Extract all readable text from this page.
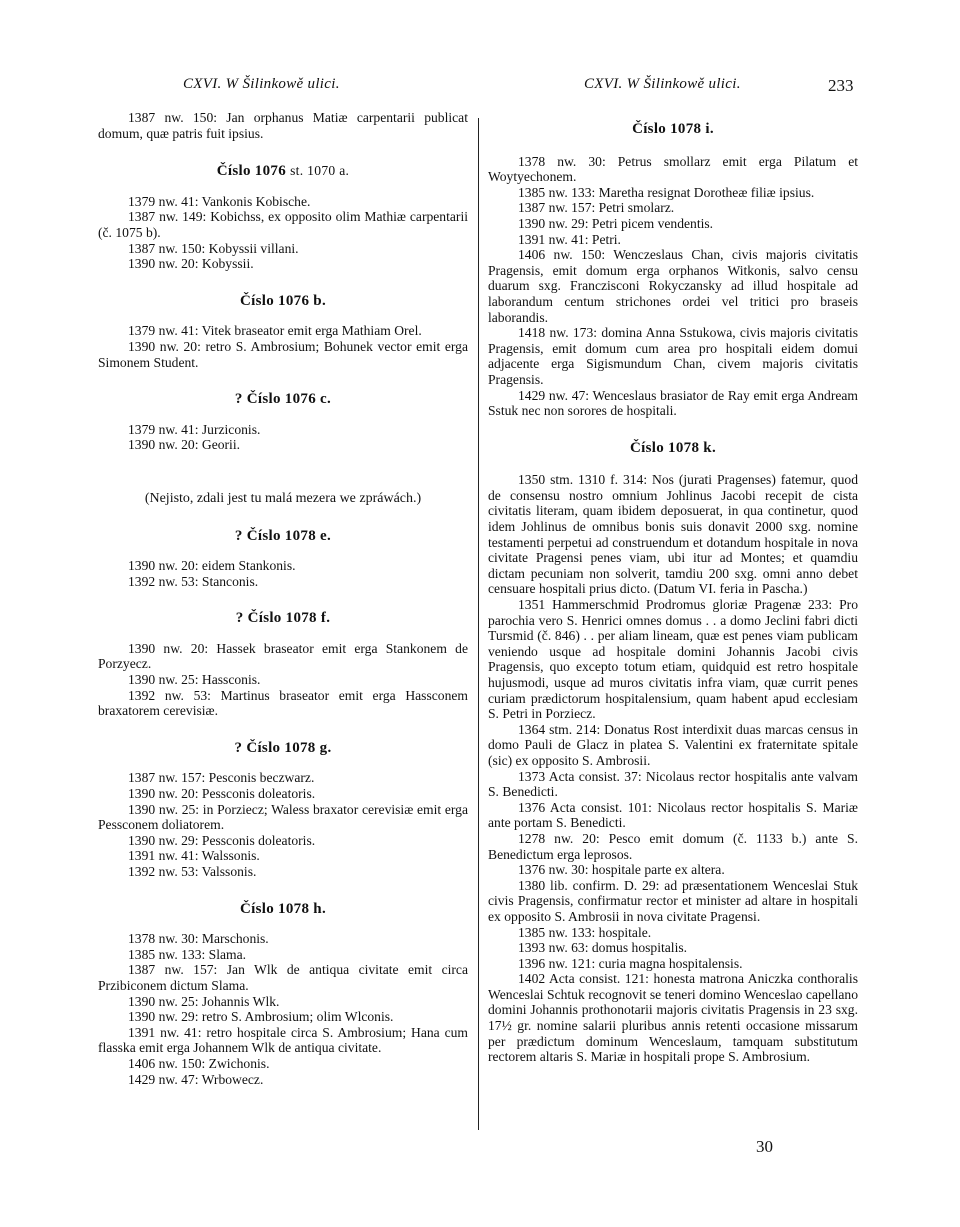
CXVI. W Šilinkowě ulici.	CXVI. W Šilinkowě ulici.	233

1387 nw. 150: Jan orphanus Matiæ carpentarii publicat domum, quæ patris fuit ipsius.

Číslo 1076 st. 1070 a.

1379 nw. 41: Vankonis Kobische.

1387 nw. 149: Kobichss, ex opposito olim Mathiæ carpentarii (č. 1075 b).

1387 nw. 150: Kobyssii villani.

1390 nw. 20: Kobyssii.

Číslo 1076 b.

1379 nw. 41: Vitek braseator emit erga Mathiam Orel.

1390 nw. 20: retro S. Ambrosium; Bohunek vector emit erga Simonem Student.

? Číslo 1076 c.

1379 nw. 41: Jurziconis.

1390 nw. 20: Georii.

(Nejisto, zdali jest tu malá mezera we zpráwách.)
? Číslo 1078 e.

1390 nw. 20: eidem Stankonis.

1392 nw. 53: Stanconis.

? Číslo 1078 f.

1390 nw. 20: Hassek braseator emit erga Stankonem de Porzyecz.

1390 nw. 25: Hassconis.

1392 nw. 53: Martinus braseator emit erga Hassconem braxatorem cerevisiæ.

? Číslo 1078 g.

1387 nw. 157: Pesconis beczwarz.

1390 nw. 20: Pessconis doleatoris.

1390 nw. 25: in Porziecz; Waless braxator cerevisiæ emit erga Pessconem doliatorem.

1390 nw. 29: Pessconis doleatoris.

1391 nw. 41: Walssonis.

1392 nw. 53: Valssonis.

Číslo 1078 h.

1378 nw. 30: Marschonis.

1385 nw. 133: Slama.

1387 nw. 157: Jan Wlk de antiqua civitate emit circa Przibiconem dictum Slama.

1390 nw. 25: Johannis Wlk.

1390 nw. 29: retro S. Ambrosium; olim Wlconis.

1391 nw. 41: retro hospitale circa S. Ambrosium; Hana cum flasska emit erga Johannem Wlk de antiqua civitate.

1406 nw. 150: Zwichonis.

1429 nw. 47: Wrbowecz.

Číslo 1078 i.

1378 nw. 30: Petrus smollarz emit erga Pilatum et Woytyechonem.

1385 nw. 133: Maretha resignat Dorotheæ filiæ ipsius.

1387 nw. 157: Petri smolarz.

1390 nw. 29: Petri picem vendentis.

1391 nw. 41: Petri.

1406 nw. 150: Wenczeslaus Chan, civis majoris civitatis Pragensis, emit domum erga orphanos Witkonis, salvo censu duarum sxg. Franczisconi Rokyczansky ad illud hospitale ad laborandum centum strichones ordei vel tritici pro braseis laborandis.

1418 nw. 173: domina Anna Sstukowa, civis majoris civitatis Pragensis, emit domum cum area pro hospitali eidem domui adjacente erga Sigismundum Chan, civem majoris civitatis Pragensis.

1429 nw. 47: Wenceslaus brasiator de Ray emit erga Andream Sstuk nec non sorores de hospitali.

Číslo 1078 k.

1350 stm. 1310 f. 314: Nos (jurati Pragenses) fatemur, quod de consensu nostro omnium Johlinus Jacobi recepit de cista civitatis literam, quam ibidem deposuerat, in qua continetur, quod idem Johlinus de omnibus bonis suis donavit 2000 sxg. nomine testamenti perpetui ad construendum et dotandum hospitale in nova civitate Pragensi penes viam, ubi itur ad Montes; et quamdiu dictam pecuniam non solverit, tamdiu 200 sxg. omni anno debet censuare hospitali prius dicto. (Datum VI. feria in Pascha.)

1351 Hammerschmid Prodromus gloriæ Pragenæ 233: Pro parochia vero S. Henrici omnes domus . . a domo Jeclini fabri dicti Tursmid (č. 846) . . per aliam lineam, quæ est penes viam publicam veniendo usque ad hospitale domini Johannis Jacobi civis Pragensis, quo excepto totum etiam, quidquid est retro hospitale hujusmodi, usque ad muros civitatis infra viam, quæ currit penes curiam prædictorum hospitalensium, quam habent apud ecclesiam S. Petri in Porziecz.

1364 stm. 214: Donatus Rost interdixit duas marcas census in domo Pauli de Glacz in platea S. Valentini ex fraternitate spitale (sic) ex opposito S. Ambrosii.

1373 Acta consist. 37: Nicolaus rector hospitalis ante valvam S. Benedicti.

1376 Acta consist. 101: Nicolaus rector hospitalis S. Mariæ ante portam S. Benedicti.

1278 nw. 20: Pesco emit domum (č. 1133 b.) ante S. Benedictum erga leprosos.

1376 nw. 30: hospitale parte ex altera.

1380 lib. confirm. D. 29: ad præsentationem Wenceslai Stuk civis Pragensis, confirmatur rector et minister ad altare in hospitali ex opposito S. Ambrosii in nova civitate Pragensi.

1385 nw. 133: hospitale.

1393 nw. 63: domus hospitalis.

1396 nw. 121: curia magna hospitalensis.

1402 Acta consist. 121: honesta matrona Aniczka conthoralis Wenceslai Schtuk recognovit se teneri domino Wenceslao capellano domini Johannis prothonotarii majoris civitatis Pragensis in 23 sxg. 17½ gr. nomine salarii pluribus annis retenti occasione missarum per prædictum dominum Wenceslaum, tamquam substitutum rectorem altaris S. Mariæ in hospitali prope S. Ambrosium.

30
